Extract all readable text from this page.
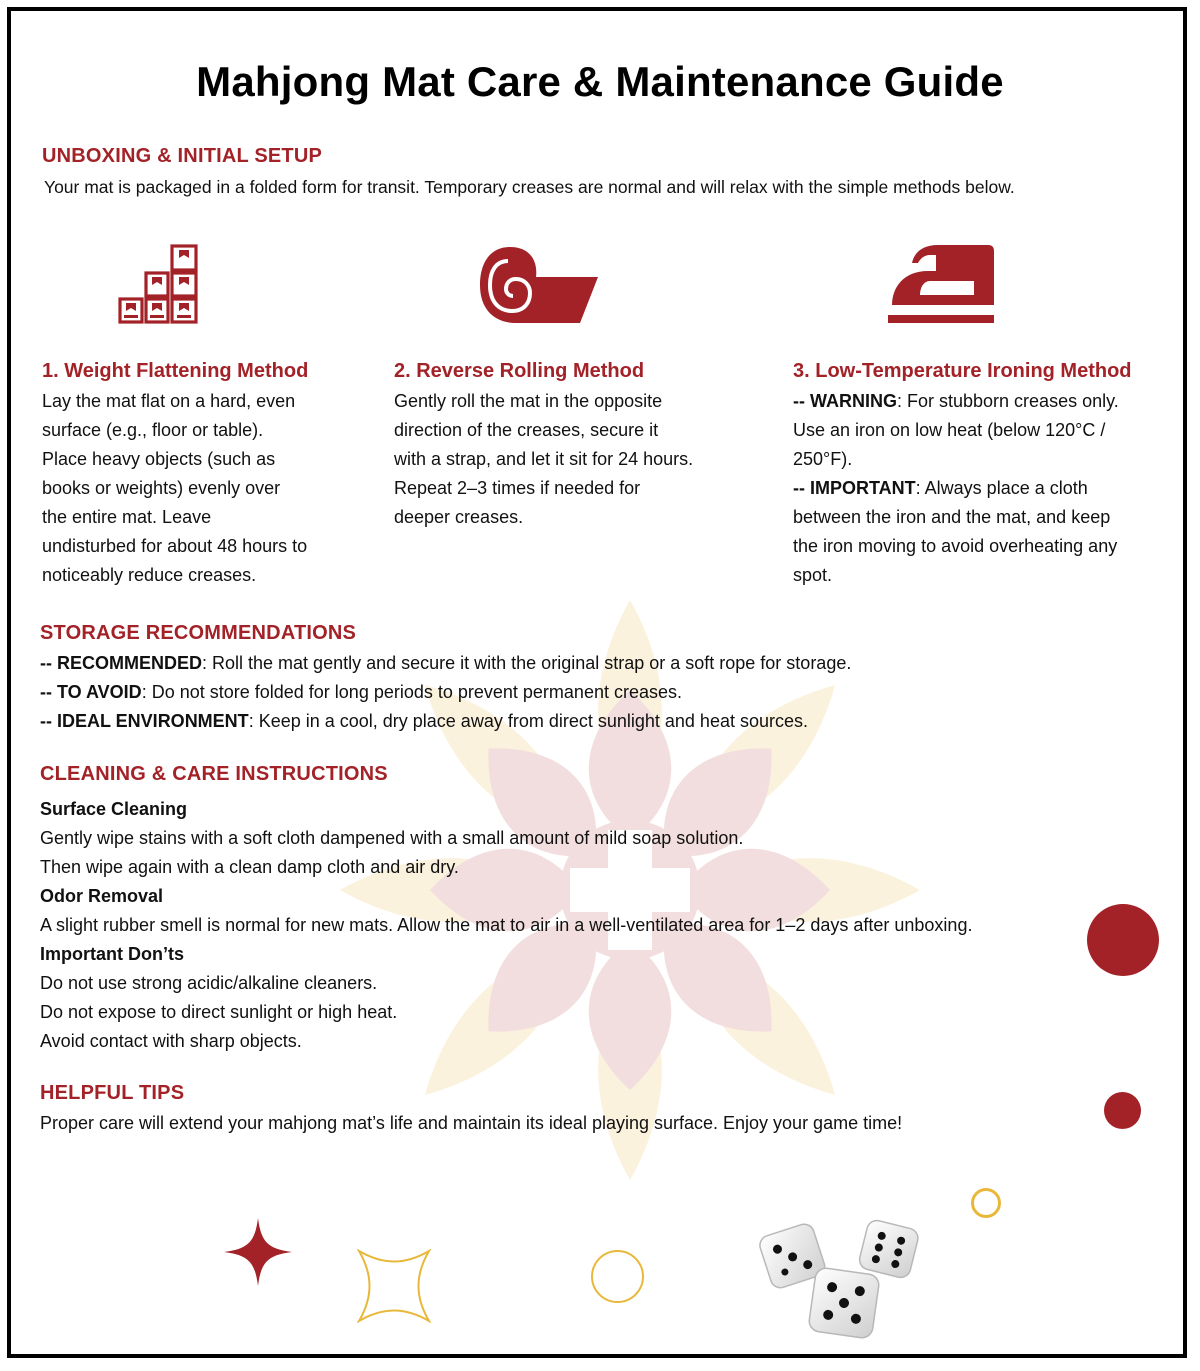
Mahjong Mat Care & Maintenance Guide
UNBOXING & INITIAL SETUP
Your mat is packaged in a folded form for transit. Temporary creases are normal and will relax with the simple methods below.
1. Weight Flattening Method
Lay the mat flat on a hard, even
surface (e.g., floor or table).
Place heavy objects (such as
books or weights) evenly over
the entire mat. Leave
undisturbed for about 48 hours to
noticeably reduce creases.
2. Reverse Rolling Method
Gently roll the mat in the opposite
direction of the creases, secure it
with a strap, and let it sit for 24 hours.
Repeat 2–3 times if needed for
deeper creases.
3. Low-Temperature Ironing Method
-- WARNING: For stubborn creases only.
Use an iron on low heat (below 120°C /
250°F).
-- IMPORTANT: Always place a cloth
between the iron and the mat, and keep
the iron moving to avoid overheating any
spot.
STORAGE RECOMMENDATIONS
-- RECOMMENDED: Roll the mat gently and secure it with the original strap or a soft rope for storage.
-- TO AVOID: Do not store folded for long periods to prevent permanent creases.
-- IDEAL ENVIRONMENT: Keep in a cool, dry place away from direct sunlight and heat sources.
CLEANING & CARE INSTRUCTIONS
Surface Cleaning
Gently wipe stains with a soft cloth dampened with a small amount of mild soap solution.
Then wipe again with a clean damp cloth and air dry.
Odor Removal
A slight rubber smell is normal for new mats. Allow the mat to air in a well-ventilated area for 1–2 days after unboxing.
Important Don’ts
Do not use strong acidic/alkaline cleaners.
Do not expose to direct sunlight or high heat.
Avoid contact with sharp objects.
HELPFUL TIPS
Proper care will extend your mahjong mat’s life and maintain its ideal playing surface. Enjoy your game time!
